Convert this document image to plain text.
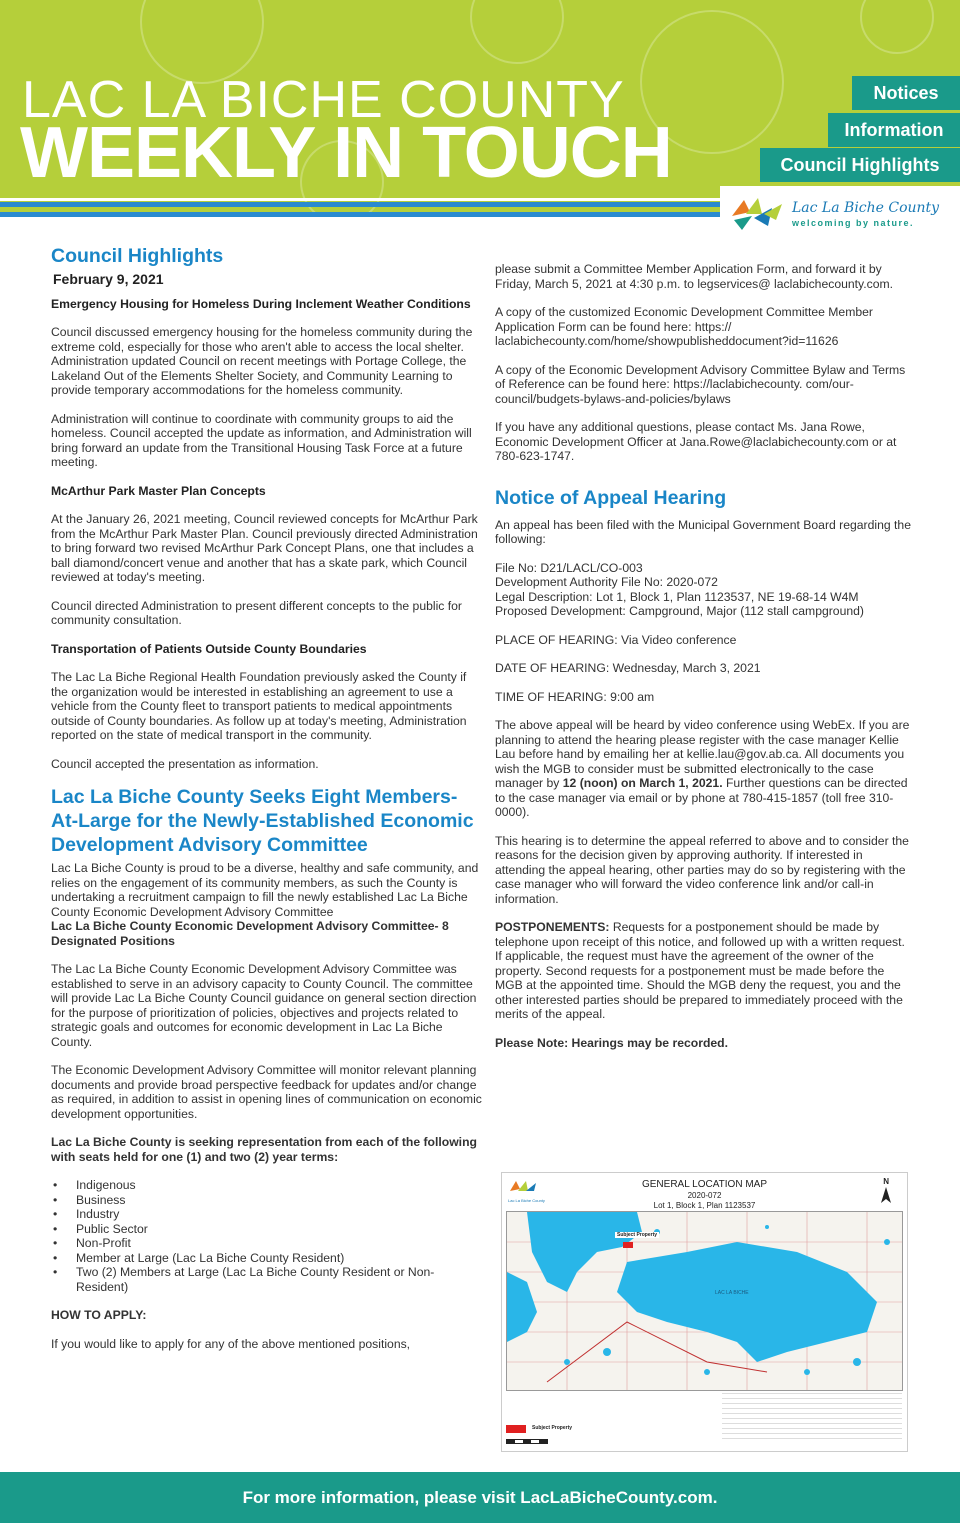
LAC LA BICHE COUNTY
WEEKLY IN TOUCH
Notices
Information
Council Highlights
Lac La Biche County
welcoming by nature.
Council Highlights
February 9, 2021

Emergency Housing for Homeless During Inclement Weather Conditions

Council discussed emergency housing for the homeless community during the extreme cold, especially for those who aren't able to access the local shelter. Administration updated Council on recent meetings with Portage College, the Lakeland Out of the Elements Shelter Society, and Community Learning to provide temporary accommodations for the homeless community.

Administration will continue to coordinate with community groups to aid the homeless. Council accepted the update as information, and Administration will bring forward an update from the Transitional Housing Task Force at a future meeting.

McArthur Park Master Plan Concepts

At the January 26, 2021 meeting, Council reviewed concepts for McArthur Park from the McArthur Park Master Plan. Council previously directed Administration to bring forward two revised McArthur Park Concept Plans, one that includes a ball diamond/concert venue and another that has a skate park, which Council reviewed at today's meeting.

Council directed Administration to present different concepts to the public for community consultation.

Transportation of Patients Outside County Boundaries

The Lac La Biche Regional Health Foundation previously asked the County if the organization would be interested in establishing an agreement to use a vehicle from the County fleet to transport patients to medical appointments outside of County boundaries. As follow up at today's meeting, Administration reported on the state of medical transport in the community.

Council accepted the presentation as information.

Lac La Biche County Seeks Eight Members-At-Large for the Newly-Established Economic Development Advisory Committee

Lac La Biche County is proud to be a diverse, healthy and safe community, and relies on the engagement of its community members, as such the County is undertaking a recruitment campaign to fill the newly established Lac La Biche County Economic Development Advisory Committee

Lac La Biche County Economic Development Advisory Committee- 8 Designated Positions

The Lac La Biche County Economic Development Advisory Committee was established to serve in an advisory capacity to County Council. The committee will provide Lac La Biche County Council guidance on general section direction for the purpose of prioritization of policies, objectives and projects related to strategic goals and outcomes for economic development in Lac La Biche County.

The Economic Development Advisory Committee will monitor relevant planning documents and provide broad perspective feedback for updates and/or change as required, in addition to assist in opening lines of communication on economic development opportunities.

Lac La Biche County is seeking representation from each of the following with seats held for one (1) and two (2) year terms:

• Indigenous
• Business
• Industry
• Public Sector
• Non-Profit
• Member at Large (Lac La Biche County Resident)
• Two (2) Members at Large (Lac La Biche County Resident or Non-Resident)

HOW TO APPLY:

If you would like to apply for any of the above mentioned positions,

please submit a Committee Member Application Form, and forward it by Friday, March 5, 2021 at 4:30 p.m. to legservices@ laclabichecounty.com.

A copy of the customized Economic Development Committee Member Application Form can be found here: https:// laclabichecounty.com/home/showpublisheddocument?id=11626

A copy of the Economic Development Advisory Committee Bylaw and Terms of Reference can be found here: https://laclabichecounty. com/our-council/budgets-bylaws-and-policies/bylaws

If you have any additional questions, please contact Ms. Jana Rowe, Economic Development Officer at Jana.Rowe@laclabichecounty.com or at 780-623-1747.

Notice of Appeal Hearing

An appeal has been filed with the Municipal Government Board regarding the following:

File No: D21/LACL/CO-003
Development Authority File No: 2020-072
Legal Description: Lot 1, Block 1, Plan 1123537, NE 19-68-14 W4M

Proposed Development: Campground, Major (112 stall campground)

PLACE OF HEARING: Via Video conference

DATE OF HEARING: Wednesday, March 3, 2021

TIME OF HEARING: 9:00 am

The above appeal will be heard by video conference using WebEx. If you are planning to attend the hearing please register with the case manager Kellie Lau before hand by emailing her at kellie.lau@gov.ab.ca. All documents you wish the MGB to consider must be submitted electronically to the case manager by 12 (noon) on March 1, 2021. Further questions can be directed to the case manager via email or by phone at 780-415-1857 (toll free 310-0000).

This hearing is to determine the appeal referred to above and to consider the reasons for the decision given by approving authority. If interested in attending the appeal hearing, other parties may do so by registering with the case manager who will forward the video conference link and/or call-in information.

POSTPONEMENTS: Requests for a postponement should be made by telephone upon receipt of this notice, and followed up with a written request. If applicable, the request must have the agreement of the owner of the property. Second requests for a postponement must be made before the MGB at the appointed time. Should the MGB deny the request, you and the other interested parties should be prepared to immediately proceed with the merits of the appeal.

Please Note: Hearings may be recorded.

Lac La Biche County
GENERAL LOCATION MAP
2020-072
Lot 1, Block 1, Plan 1123537
N
Subject Property
LAC LA BICHE
Subject Property
For more information, please visit LacLaBicheCounty.com.
